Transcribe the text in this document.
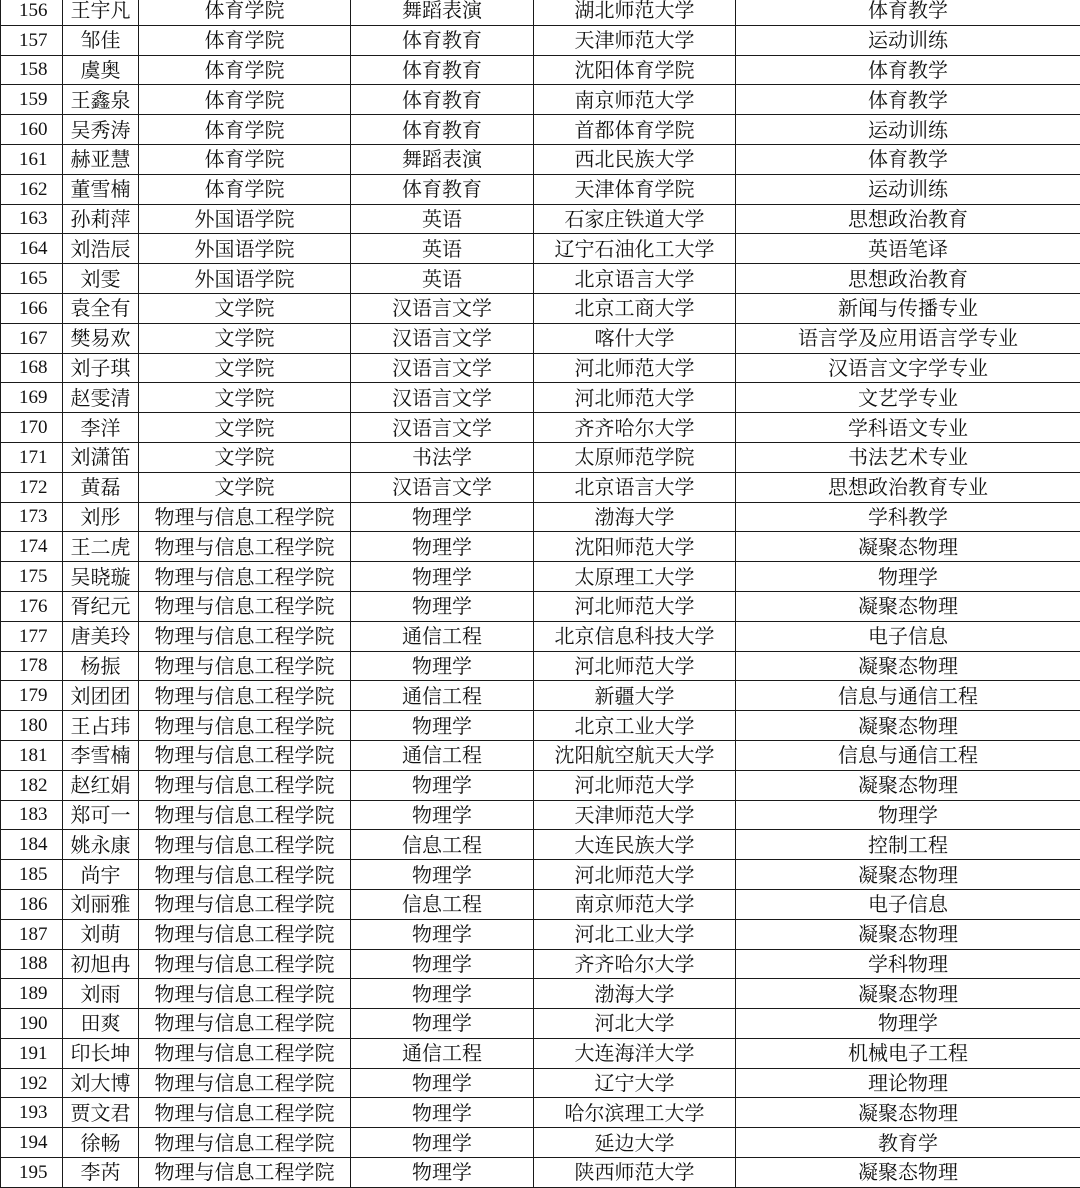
156	王宇凡	体育学院	舞蹈表演	湖北师范大学	体育教学
157	邹佳	体育学院	体育教育	天津师范大学	运动训练
158	虞奥	体育学院	体育教育	沈阳体育学院	体育教学
159	王鑫泉	体育学院	体育教育	南京师范大学	体育教学
160	吴秀涛	体育学院	体育教育	首都体育学院	运动训练
161	赫亚慧	体育学院	舞蹈表演	西北民族大学	体育教学
162	董雪楠	体育学院	体育教育	天津体育学院	运动训练
163	孙莉萍	外国语学院	英语	石家庄铁道大学	思想政治教育
164	刘浩辰	外国语学院	英语	辽宁石油化工大学	英语笔译
165	刘雯	外国语学院	英语	北京语言大学	思想政治教育
166	袁全有	文学院	汉语言文学	北京工商大学	新闻与传播专业
167	樊易欢	文学院	汉语言文学	喀什大学	语言学及应用语言学专业
168	刘子琪	文学院	汉语言文学	河北师范大学	汉语言文字学专业
169	赵雯清	文学院	汉语言文学	河北师范大学	文艺学专业
170	李洋	文学院	汉语言文学	齐齐哈尔大学	学科语文专业
171	刘潇笛	文学院	书法学	太原师范学院	书法艺术专业
172	黄磊	文学院	汉语言文学	北京语言大学	思想政治教育专业
173	刘彤	物理与信息工程学院	物理学	渤海大学	学科教学
174	王二虎	物理与信息工程学院	物理学	沈阳师范大学	凝聚态物理
175	吴晓璇	物理与信息工程学院	物理学	太原理工大学	物理学
176	胥纪元	物理与信息工程学院	物理学	河北师范大学	凝聚态物理
177	唐美玲	物理与信息工程学院	通信工程	北京信息科技大学	电子信息
178	杨振	物理与信息工程学院	物理学	河北师范大学	凝聚态物理
179	刘团团	物理与信息工程学院	通信工程	新疆大学	信息与通信工程
180	王占玮	物理与信息工程学院	物理学	北京工业大学	凝聚态物理
181	李雪楠	物理与信息工程学院	通信工程	沈阳航空航天大学	信息与通信工程
182	赵红娟	物理与信息工程学院	物理学	河北师范大学	凝聚态物理
183	郑可一	物理与信息工程学院	物理学	天津师范大学	物理学
184	姚永康	物理与信息工程学院	信息工程	大连民族大学	控制工程
185	尚宇	物理与信息工程学院	物理学	河北师范大学	凝聚态物理
186	刘丽雅	物理与信息工程学院	信息工程	南京师范大学	电子信息
187	刘萌	物理与信息工程学院	物理学	河北工业大学	凝聚态物理
188	初旭冉	物理与信息工程学院	物理学	齐齐哈尔大学	学科物理
189	刘雨	物理与信息工程学院	物理学	渤海大学	凝聚态物理
190	田爽	物理与信息工程学院	物理学	河北大学	物理学
191	印长坤	物理与信息工程学院	通信工程	大连海洋大学	机械电子工程
192	刘大博	物理与信息工程学院	物理学	辽宁大学	理论物理
193	贾文君	物理与信息工程学院	物理学	哈尔滨理工大学	凝聚态物理
194	徐畅	物理与信息工程学院	物理学	延边大学	教育学
195	李芮	物理与信息工程学院	物理学	陕西师范大学	凝聚态物理
